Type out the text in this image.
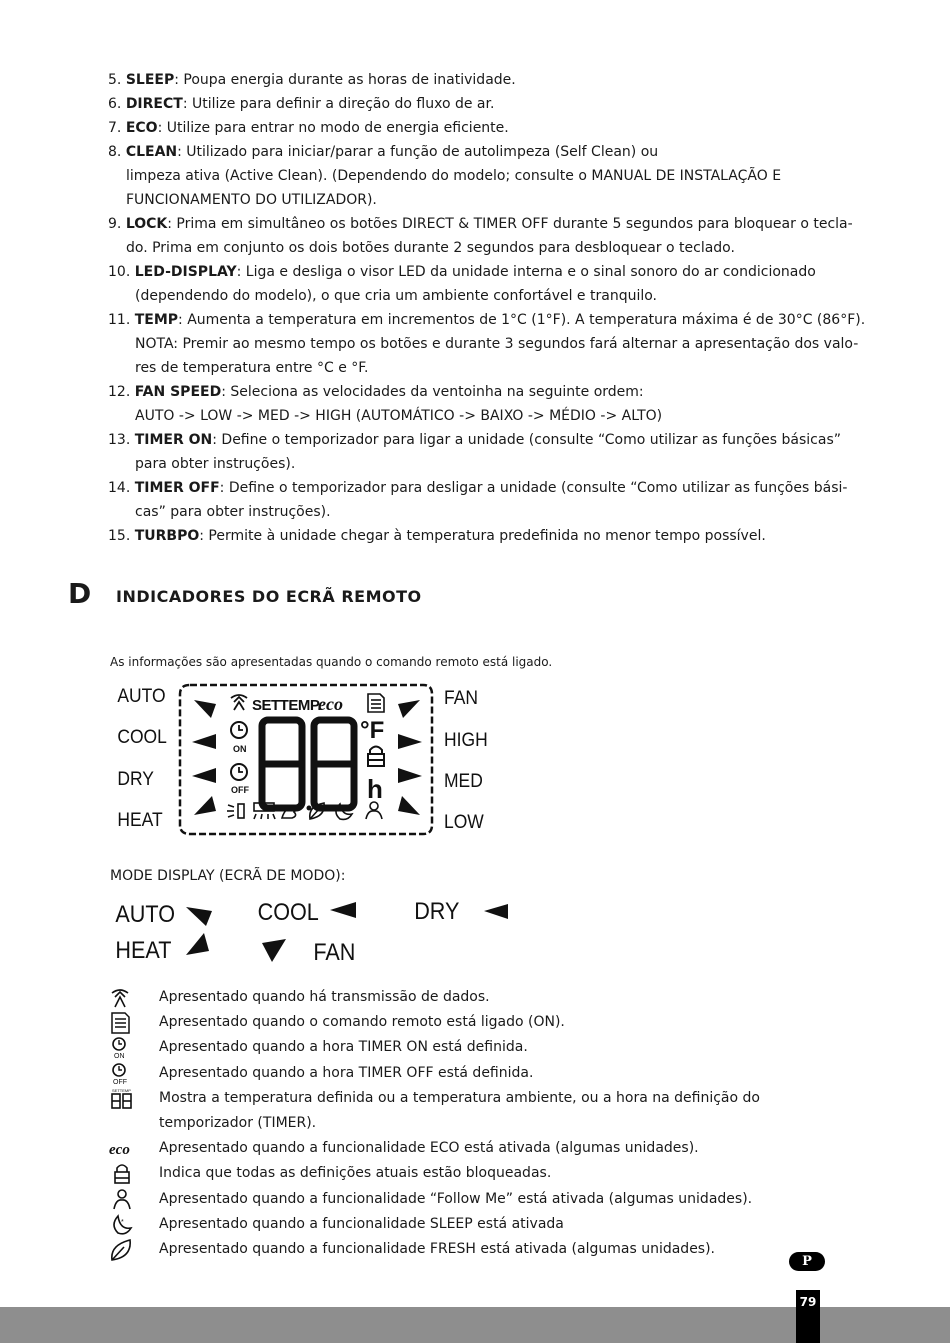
5. SLEEP: Poupa energia durante as horas de inatividade.
6. DIRECT: Utilize para definir a direção do fluxo de ar.
7. ECO: Utilize para entrar no modo de energia eficiente.
8. CLEAN: Utilizado para iniciar/parar a função de autolimpeza (Self Clean) ou
limpeza ativa (Active Clean). (Dependendo do modelo; consulte o MANUAL DE INSTALAÇÃO E
FUNCIONAMENTO DO UTILIZADOR).
9. LOCK: Prima em simultâneo os botões DIRECT & TIMER OFF durante 5 segundos para bloquear o tecla-
do. Prima em conjunto os dois botões durante 2 segundos para desbloquear o teclado.
10. LED-DISPLAY: Liga e desliga o visor LED da unidade interna e o sinal sonoro do ar condicionado
(dependendo do modelo), o que cria um ambiente confortável e tranquilo.
11. TEMP: Aumenta a temperatura em incrementos de 1°C (1°F). A temperatura máxima é de 30°C (86°F).
NOTA: Premir ao mesmo tempo os botões e durante 3 segundos fará alternar a apresentação dos valo-
res de temperatura entre °C e °F.
12. FAN SPEED: Seleciona as velocidades da ventoinha na seguinte ordem:
AUTO -> LOW -> MED -> HIGH (AUTOMÁTICO -> BAIXO -> MÉDIO -> ALTO)
13. TIMER ON: Define o temporizador para ligar a unidade (consulte “Como utilizar as funções básicas”
para obter instruções).
14. TIMER OFF: Define o temporizador para desligar a unidade (consulte “Como utilizar as funções bási-
cas” para obter instruções).
15. TURBPO: Permite à unidade chegar à temperatura predefinida no menor tempo possível.
D INDICADORES DO ECRÃ REMOTO
As informações são apresentadas quando o comando remoto está ligado.
AUTO
COOL
DRY
HEAT
FAN
HIGH
MED
LOW
SETTEMP.
eco
ON
OFF
°F
h
MODE DISPLAY (ECRÃ DE MODO):
AUTO	COOL	DRY
HEAT	FAN
Apresentado quando há transmissão de dados.
Apresentado quando o comando remoto está ligado (ON).
ON
Apresentado quando a hora TIMER ON está definida.
OFF
Apresentado quando a hora TIMER OFF está definida.
SETTEMP Mostra a temperatura definida ou a temperatura ambiente, ou a hora na definição do temporizador (TIMER).
eco Apresentado quando a funcionalidade ECO está ativada (algumas unidades).
Indica que todas as definições atuais estão bloqueadas.
Apresentado quando a funcionalidade “Follow Me” está ativada (algumas unidades).
*	Apresentado quando a funcionalidade SLEEP está ativada
Apresentado quando a funcionalidade FRESH está ativada (algumas unidades).
P
79
